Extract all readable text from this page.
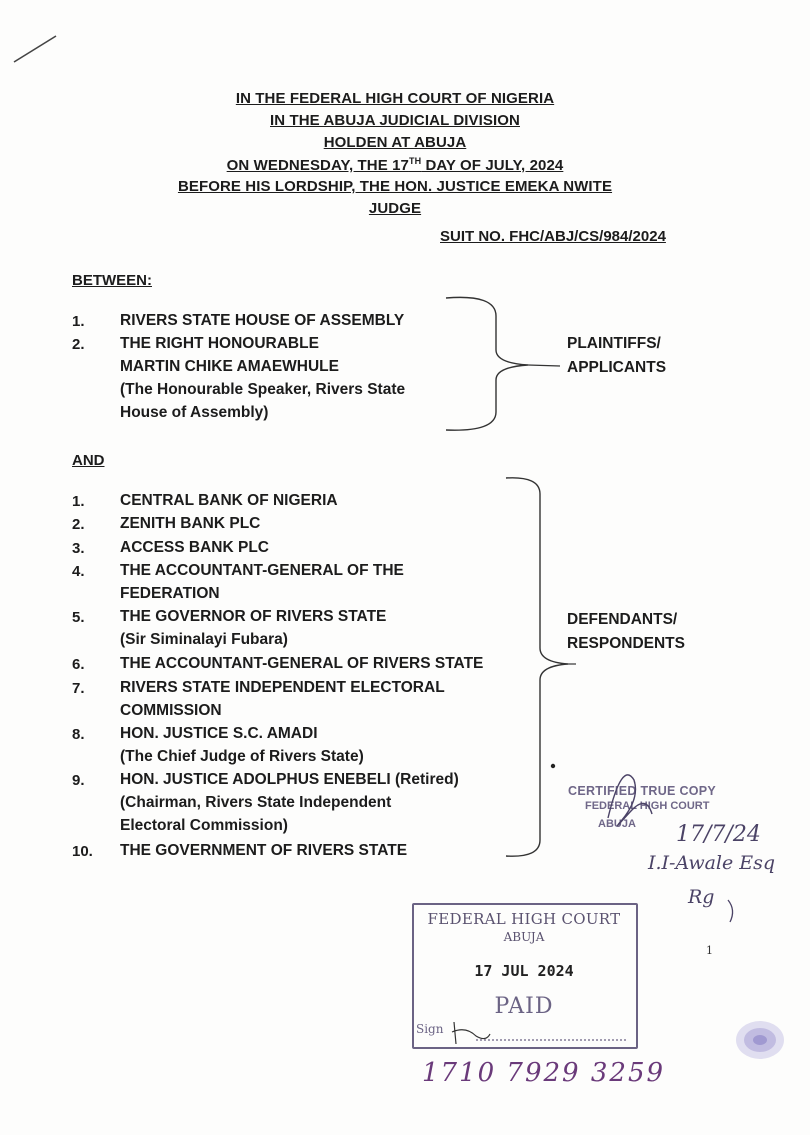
IN THE FEDERAL HIGH COURT OF NIGERIA
IN THE ABUJA JUDICIAL DIVISION
HOLDEN AT ABUJA
ON WEDNESDAY, THE 17TH DAY OF JULY, 2024
BEFORE HIS LORDSHIP, THE HON. JUSTICE EMEKA NWITE
JUDGE
SUIT NO. FHC/ABJ/CS/984/2024
BETWEEN:
1.	RIVERS STATE HOUSE OF ASSEMBLY
2.	THE RIGHT HONOURABLE
MARTIN CHIKE AMAEWHULE
(The Honourable Speaker, Rivers State
House of Assembly)
PLAINTIFFS/
APPLICANTS
AND
1.	CENTRAL BANK OF NIGERIA
2.	ZENITH BANK PLC
3.	ACCESS BANK PLC
4.	THE ACCOUNTANT-GENERAL OF THE
FEDERATION
5.	THE GOVERNOR OF RIVERS STATE
(Sir Siminalayi Fubara)
6.	THE ACCOUNTANT-GENERAL OF RIVERS STATE
7.	RIVERS STATE INDEPENDENT ELECTORAL
COMMISSION
8.	HON. JUSTICE S.C. AMADI
(The Chief Judge of Rivers State)
9.	HON. JUSTICE ADOLPHUS ENEBELI (Retired)
(Chairman, Rivers State Independent
Electoral Commission)
10.	THE GOVERNMENT OF RIVERS STATE
DEFENDANTS/
RESPONDENTS
CERTIFIED TRUE COPY
FEDERAL HIGH COURT
ABUJA 17/7/24
I.I-Awale Esq
Rg
1
FEDERAL HIGH COURT
ABUJA
17 JUL 2024
PAID
Sign
1710 7929 3259
